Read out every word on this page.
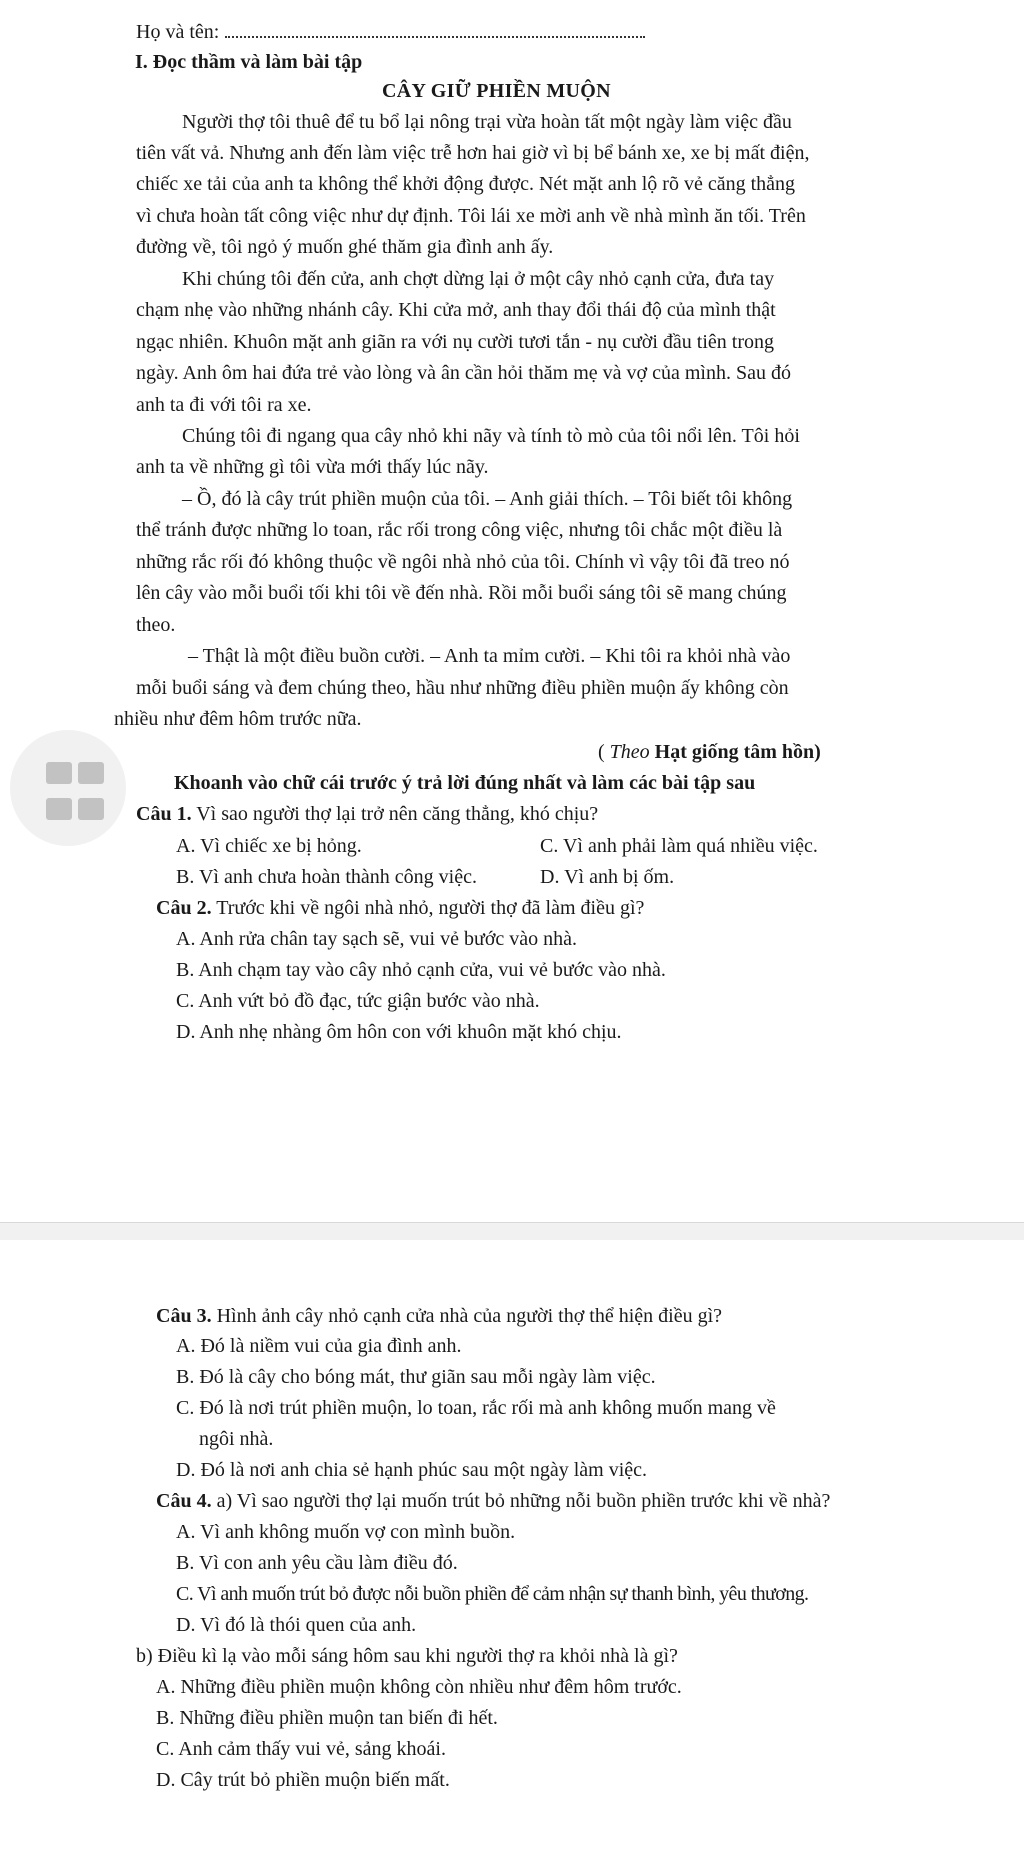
Họ và tên:
I. Đọc thầm và làm bài tập
CÂY GIỮ PHIỀN MUỘN
Người thợ tôi thuê để tu bổ lại nông trại vừa hoàn tất một ngày làm việc đầu
tiên vất vả. Nhưng anh đến làm việc trễ hơn hai giờ vì bị bể bánh xe, xe bị mất điện,
chiếc xe tải của anh ta không thể khởi động được. Nét mặt anh lộ rõ vẻ căng thẳng
vì chưa hoàn tất công việc như dự định. Tôi lái xe mời anh về nhà mình ăn tối. Trên
đường về, tôi ngỏ ý muốn ghé thăm gia đình anh ấy.
Khi chúng tôi đến cửa, anh chợt dừng lại ở một cây nhỏ cạnh cửa, đưa tay
chạm nhẹ vào những nhánh cây. Khi cửa mở, anh thay đổi thái độ của mình thật
ngạc nhiên. Khuôn mặt anh giãn ra với nụ cười tươi tắn - nụ cười đầu tiên trong
ngày. Anh ôm hai đứa trẻ vào lòng và ân cần hỏi thăm mẹ và vợ của mình. Sau đó
anh ta đi với tôi ra xe.
Chúng tôi đi ngang qua cây nhỏ khi nãy và tính tò mò của tôi nổi lên. Tôi hỏi
anh ta về những gì tôi vừa mới thấy lúc nãy.
– Ồ, đó là cây trút phiền muộn của tôi. – Anh giải thích. – Tôi biết tôi không
thể tránh được những lo toan, rắc rối trong công việc, nhưng tôi chắc một điều là
những rắc rối đó không thuộc về ngôi nhà nhỏ của tôi. Chính vì vậy tôi đã treo nó
lên cây vào mỗi buổi tối khi tôi về đến nhà. Rồi mỗi buổi sáng tôi sẽ mang chúng
theo.
– Thật là một điều buồn cười. – Anh ta mỉm cười. – Khi tôi ra khỏi nhà vào
mỗi buổi sáng và đem chúng theo, hầu như những điều phiền muộn ấy không còn
nhiều như đêm hôm trước nữa.
( Theo Hạt giống tâm hồn)
Khoanh vào chữ cái trước ý trả lời đúng nhất và làm các bài tập sau
Câu 1. Vì sao người thợ lại trở nên căng thẳng, khó chịu?
A. Vì chiếc xe bị hỏng.	C. Vì anh phải làm quá nhiều việc.
B. Vì anh chưa hoàn thành công việc.	D. Vì anh bị ốm.
Câu 2. Trước khi về ngôi nhà nhỏ, người thợ đã làm điều gì?
A. Anh rửa chân tay sạch sẽ, vui vẻ bước vào nhà.
B. Anh chạm tay vào cây nhỏ cạnh cửa, vui vẻ bước vào nhà.
C. Anh vứt bỏ đồ đạc, tức giận bước vào nhà.
D. Anh nhẹ nhàng ôm hôn con với khuôn mặt khó chịu.
Câu 3. Hình ảnh cây nhỏ cạnh cửa nhà của người thợ thể hiện điều gì?
A. Đó là niềm vui của gia đình anh.
B. Đó là cây cho bóng mát, thư giãn sau mỗi ngày làm việc.
C. Đó là nơi trút phiền muộn, lo toan, rắc rối mà anh không muốn mang về
ngôi nhà.
D. Đó là nơi anh chia sẻ hạnh phúc sau một ngày làm việc.
Câu 4. a) Vì sao người thợ lại muốn trút bỏ những nỗi buồn phiền trước khi về nhà?
A. Vì anh không muốn vợ con mình buồn.
B. Vì con anh yêu cầu làm điều đó.
C. Vì anh muốn trút bỏ được nỗi buồn phiền để cảm nhận sự thanh bình, yêu thương.
D. Vì đó là thói quen của anh.
b) Điều kì lạ vào mỗi sáng hôm sau khi người thợ ra khỏi nhà là gì?
A. Những điều phiền muộn không còn nhiều như đêm hôm trước.
B. Những điều phiền muộn tan biến đi hết.
C. Anh cảm thấy vui vẻ, sảng khoái.
D. Cây trút bỏ phiền muộn biến mất.
